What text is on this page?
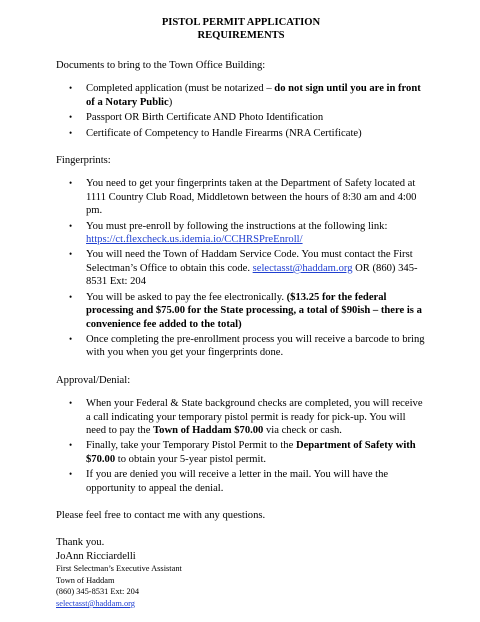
PISTOL PERMIT APPLICATION
REQUIREMENTS
Documents to bring to the Town Office Building:
• Completed application (must be notarized – do not sign until you are in front of a Notary Public)
• Passport OR Birth Certificate AND Photo Identification
• Certificate of Competency to Handle Firearms (NRA Certificate)
Fingerprints:
• You need to get your fingerprints taken at the Department of Safety located at 1111 Country Club Road, Middletown between the hours of 8:30 am and 4:00 pm.
• You must pre-enroll by following the instructions at the following link: https://ct.flexcheck.us.idemia.io/CCHRSPreEnroll/
• You will need the Town of Haddam Service Code. You must contact the First Selectman’s Office to obtain this code. selectasst@haddam.org OR (860) 345-8531 Ext: 204
• You will be asked to pay the fee electronically. ($13.25 for the federal processing and $75.00 for the State processing, a total of $90ish – there is a convenience fee added to the total)
• Once completing the pre-enrollment process you will receive a barcode to bring with you when you get your fingerprints done.
Approval/Denial:
• When your Federal & State background checks are completed, you will receive a call indicating your temporary pistol permit is ready for pick-up. You will need to pay the Town of Haddam $70.00 via check or cash.
• Finally, take your Temporary Pistol Permit to the Department of Safety with $70.00 to obtain your 5-year pistol permit.
• If you are denied you will receive a letter in the mail. You will have the opportunity to appeal the denial.
Please feel free to contact me with any questions.
Thank you.
JoAnn Ricciardelli
First Selectman’s Executive Assistant
Town of Haddam
(860) 345-8531 Ext: 204
selectasst@haddam.org
